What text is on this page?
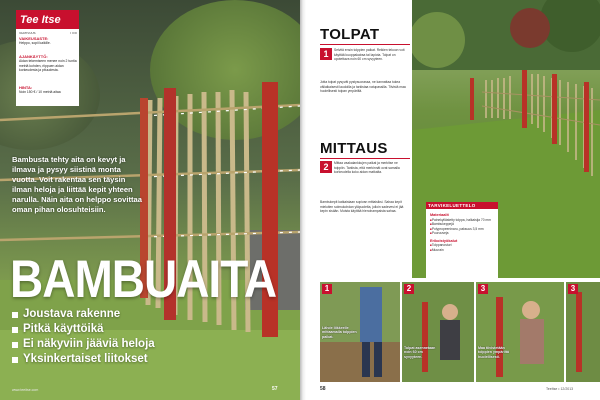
Tee Itse
VAATIVUUS	I II III
VAIKEUSASTE:
Helppo, sopii kaikille.
AJANKÄYTTÖ:
Aidan tekemiseen menee noin 2 tuntia metriä kohden, riippuen aidan korkeudesta ja pituudesta.
HINTA:
Noin 150 € / 10 metriä aitaa
Bambusta tehty aita on kevyt ja ilmava ja pysyy siistinä monta vuotta. Voit rakentaa sen täysin ilman heloja ja liittää kepit yhteen narulla. Näin aita on helppo sovittaa oman pihan olosuhteisiin.
BAMBUAITA
Joustava rakenne
Pitkä käyttöikä
Ei näkyviin jääviä heloja
Yksinkertaiset liitokset
www.teeitse.com	57
TOLPAT
1	Selvitä ensin tolppien paikat. Reikien tekoon voit käyttää kuoppakairaa tai lapiota. Tolpat on upotettava noin 60 cm syvyyteen.
Jotta tolpat pysyvät pystysuorassa, ne kannattaa tukea väliaikaisesti laudoilla ja tarkistaa vatupassilla. Tiivistä maa huolellisesti tolpan ympäriltä.
MITTAUS
2	Mittaa vaakalankkujen paikat ja merkitse ne tolppiin. Tarkista, että merkinnät ovat samalla korkeudella koko aidan matkalta.
Bambukepit katkaistaan sopivan mittaisiksi. Sahaa kepit mieluiten solmukohdan yläpuolelta, jolloin sadevesi ei jää kepin sisään. Muista käyttää hienohampaista sahaa.
TARVIKELUETTELO
Materiaalit
■ Painekyllästetty tolppa, halkaisija 70 mm
■ Bambukeppejä
■ Polypropeeninaru, paksuus 3,5 mm
■ Puuruuveja
Erikoistyökalut
■ Tolppanosturi
■ Muurain
1	2	3	3
Lähde liikkeelle mittaamalla tolppien paikat.
Tolpat asennetaan noin 60 cm syvyyteen.
Maa tiivistetään tolppien ympäriltä huolellisesti.
58	TeeItse • 12/2013
